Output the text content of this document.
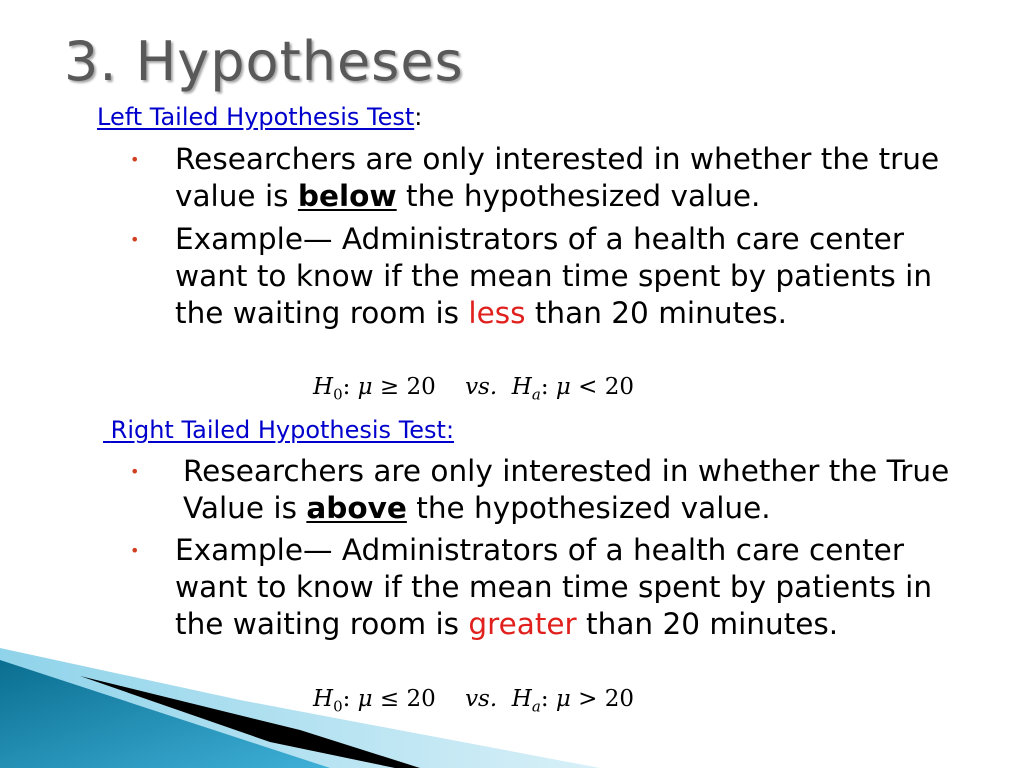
3. Hypotheses
Left Tailed Hypothesis Test:
• Researchers are only interested in whether the true value is below the hypothesized value.
• Example— Administrators of a health care center want to know if the mean time spent by patients in the waiting room is less than 20 minutes.
$H_0$: μ ≥ 20 vs. $H_a$: μ < 20
Right Tailed Hypothesis Test:
• Researchers are only interested in whether the True Value is above the hypothesized value.
• Example— Administrators of a health care center want to know if the mean time spent by patients in the waiting room is greater than 20 minutes.
$H_0$: μ ≤ 20 vs. $H_a$: μ > 20
